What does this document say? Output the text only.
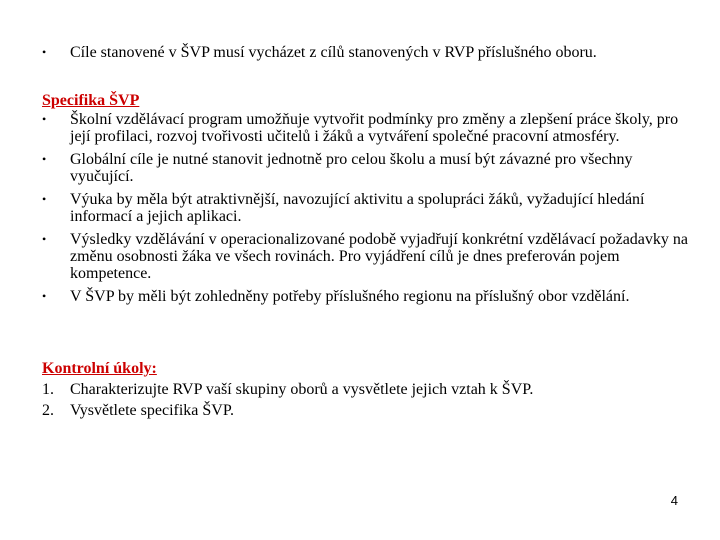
•	Cíle stanovené v ŠVP musí vycházet z cílů stanovených v RVP příslušného oboru.
Specifika ŠVP
•	Školní vzdělávací program umožňuje vytvořit podmínky pro změny a zlepšení práce školy, pro její profilaci, rozvoj tvořivosti učitelů i žáků a vytváření společné pracovní atmosféry.
•	Globální cíle je nutné stanovit jednotně pro celou školu a musí být závazné pro všechny vyučující.
•	Výuka by měla být atraktivnější, navozující aktivitu a spolupráci žáků, vyžadující hledání informací a jejich aplikaci.
•	Výsledky vzdělávání v operacionalizované podobě vyjadřují konkrétní vzdělávací požadavky na změnu osobnosti žáka ve všech rovinách. Pro vyjádření cílů je dnes preferován pojem kompetence.
•	V ŠVP by měli být zohledněny potřeby příslušného regionu na příslušný obor vzdělání.
Kontrolní úkoly:
1. Charakterizujte RVP vaší skupiny oborů a vysvětlete jejich vztah k ŠVP.
2. Vysvětlete specifika ŠVP.
4
